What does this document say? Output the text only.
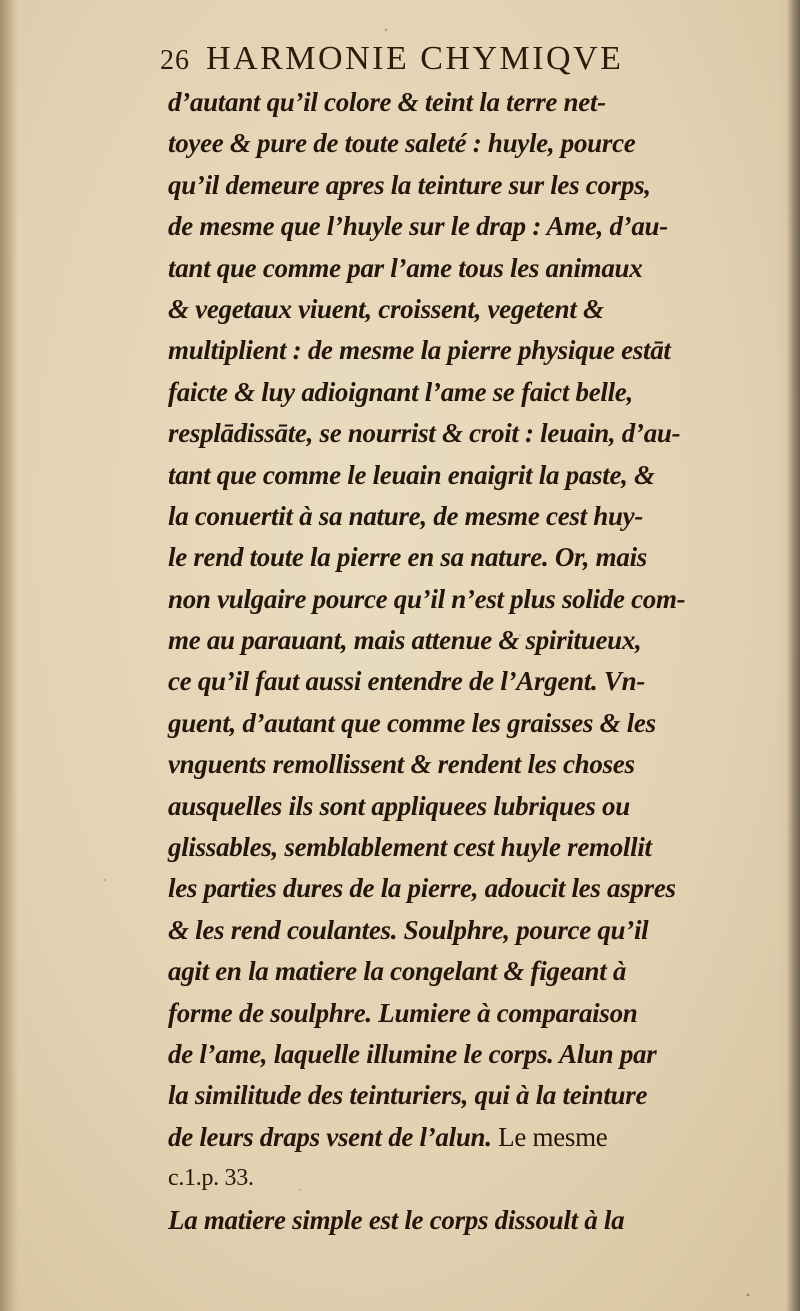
26 HARMONIE CHYMIQVE
d’autant qu’il colore & teint la terre net-
toyee & pure de toute saleté : huyle, pource
qu’il demeure apres la teinture sur les corps,
de mesme que l’huyle sur le drap : Ame, d’au-
tant que comme par l’ame tous les animaux
& vegetaux viuent, croissent, vegetent &
multiplient : de mesme la pierre physique estāt
faicte & luy adioignant l’ame se faict belle,
resplādissāte, se nourrist & croit : leuain, d’au-
tant que comme le leuain enaigrit la paste, &
la conuertit à sa nature, de mesme cest huy-
le rend toute la pierre en sa nature. Or, mais
non vulgaire pource qu’il n’est plus solide com-
me au parauant, mais attenue & spiritueux,
ce qu’il faut aussi entendre de l’Argent. Vn-
guent, d’autant que comme les graisses & les
vnguents remollissent & rendent les choses
ausquelles ils sont appliquees lubriques ou
glissables, semblablement cest huyle remollit
les parties dures de la pierre, adoucit les aspres
& les rend coulantes. Soulphre, pource qu’il
agit en la matiere la congelant & figeant à
forme de soulphre. Lumiere à comparaison
de l’ame, laquelle illumine le corps. Alun par
la similitude des teinturiers, qui à la teinture
de leurs draps vsent de l’alun. Le mesme
c.1.p. 33.
La matiere simple est le corps dissoult à la
